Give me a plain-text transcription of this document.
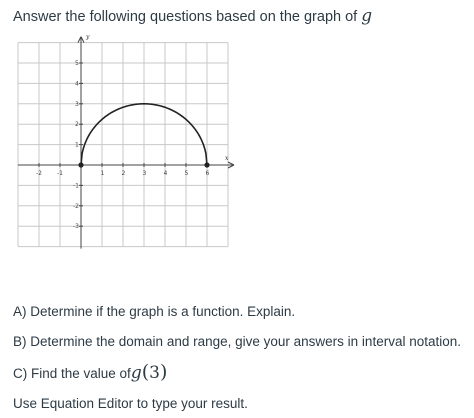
Answer the following questions based on the graph of g
x
y
-2	-1	1	2	3	4	5	6
5
4
3
2
1
-1
-2
-3
A) Determine if the graph is a function. Explain.
B) Determine the domain and range, give your answers in interval notation.
C) Find the value ofg(3)
Use Equation Editor to type your result.
